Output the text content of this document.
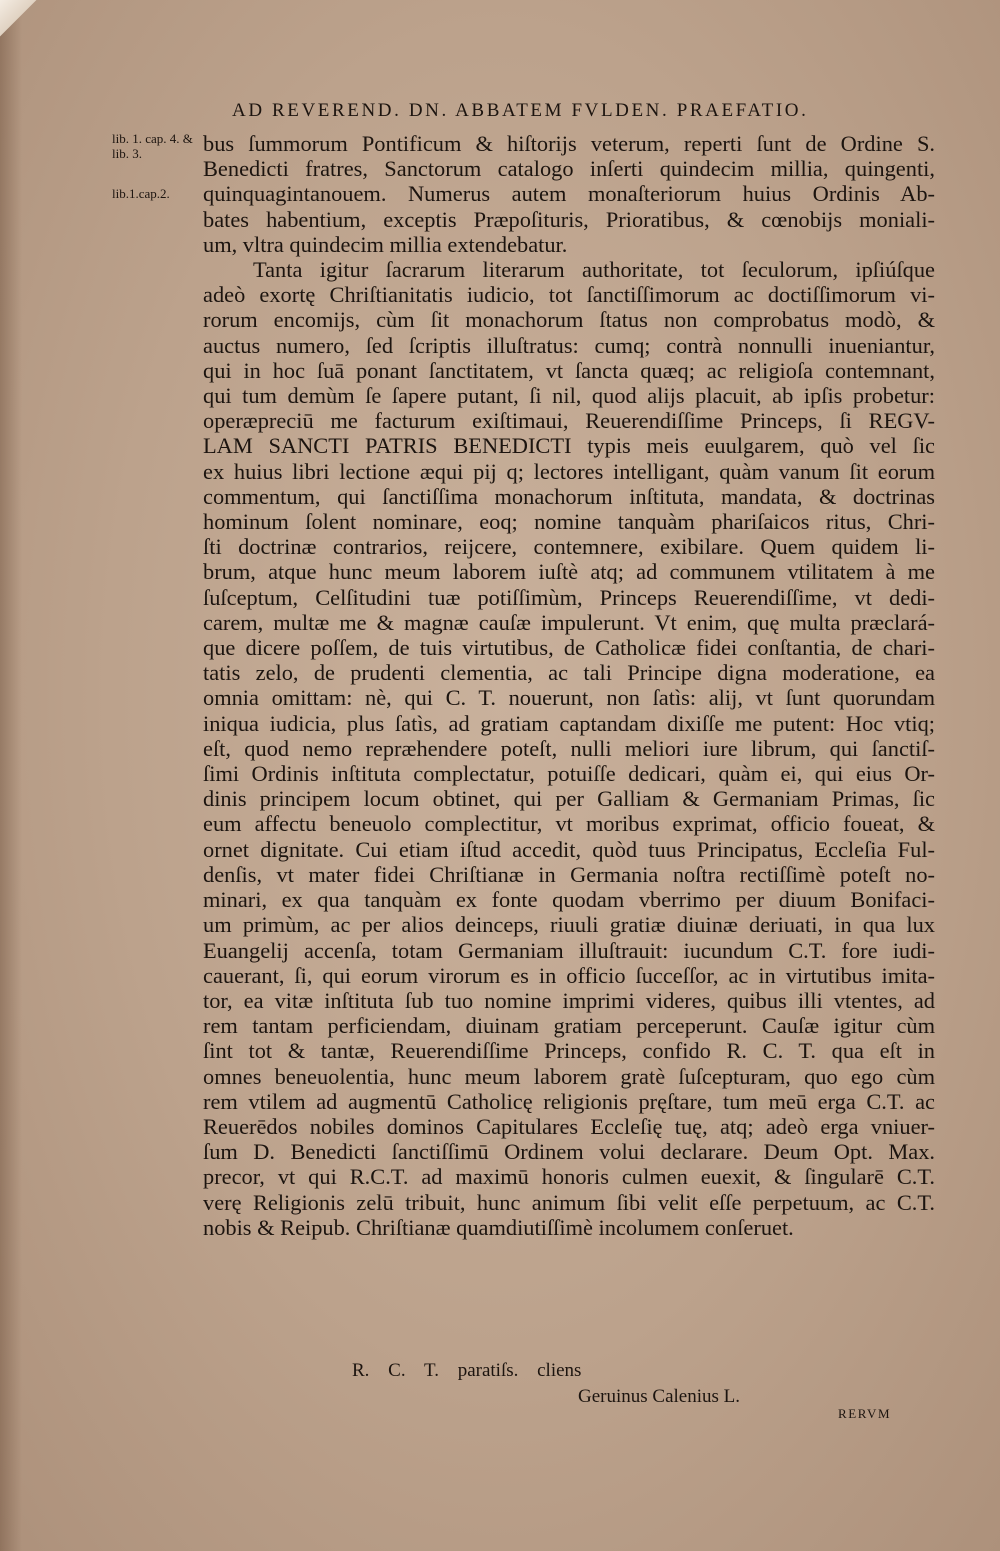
AD REVEREND. DN. ABBATEM FVLDEN. PRAEFATIO.
lib. 1. cap. 4. & lib. 3.
lib.1.cap.2.
bus ſummorum Pontificum & hiſtorijs veterum, reperti ſunt de Ordine S.
Benedicti fratres, Sanctorum catalogo inſerti quindecim millia, quingenti,
quinquagintanouem. Numerus autem monaſteriorum huius Ordinis Ab-
bates habentium, exceptis Præpoſituris, Prioratibus, & cœnobijs moniali-
um, vltra quindecim millia extendebatur.
Tanta igitur ſacrarum literarum authoritate, tot ſeculorum, ipſiúſque
adeò exortę Chriſtianitatis iudicio, tot ſanctiſſimorum ac doctiſſimorum vi-
rorum encomijs, cùm ſit monachorum ſtatus non comprobatus modò, &
auctus numero, ſed ſcriptis illuſtratus: cumq; contrà nonnulli inueniantur,
qui in hoc ſuā ponant ſanctitatem, vt ſancta quæq; ac religioſa contemnant,
qui tum demùm ſe ſapere putant, ſi nil, quod alijs placuit, ab ipſis probetur:
operæpreciū me facturum exiſtimaui, Reuerendiſſime Princeps, ſi REGV-
LAM SANCTI PATRIS BENEDICTI typis meis euulgarem, quò vel ſic
ex huius libri lectione æqui pij q; lectores intelligant, quàm vanum ſit eorum
commentum, qui ſanctiſſima monachorum inſtituta, mandata, & doctrinas
hominum ſolent nominare, eoq; nomine tanquàm phariſaicos ritus, Chri-
ſti doctrinæ contrarios, reijcere, contemnere, exibilare. Quem quidem li-
brum, atque hunc meum laborem iuſtè atq; ad communem vtilitatem à me
ſuſceptum, Celſitudini tuæ potiſſimùm, Princeps Reuerendiſſime, vt dedi-
carem, multæ me & magnæ cauſæ impulerunt. Vt enim, quę multa præclará-
que dicere poſſem, de tuis virtutibus, de Catholicæ fidei conſtantia, de chari-
tatis zelo, de prudenti clementia, ac tali Principe digna moderatione, ea
omnia omittam: nè, qui C. T. nouerunt, non ſatìs: alij, vt ſunt quorundam
iniqua iudicia, plus ſatìs, ad gratiam captandam dixiſſe me putent: Hoc vtiq;
eſt, quod nemo repræhendere poteſt, nulli meliori iure librum, qui ſanctiſ-
ſimi Ordinis inſtituta complectatur, potuiſſe dedicari, quàm ei, qui eius Or-
dinis principem locum obtinet, qui per Galliam & Germaniam Primas, ſic
eum affectu beneuolo complectitur, vt moribus exprimat, officio foueat, &
ornet dignitate. Cui etiam iſtud accedit, quòd tuus Principatus, Eccleſia Ful-
denſis, vt mater fidei Chriſtianæ in Germania noſtra rectiſſimè poteſt no-
minari, ex qua tanquàm ex fonte quodam vberrimo per diuum Bonifaci-
um primùm, ac per alios deinceps, riuuli gratiæ diuinæ deriuati, in qua lux
Euangelij accenſa, totam Germaniam illuſtrauit: iucundum C.T. fore iudi-
cauerant, ſi, qui eorum virorum es in officio ſucceſſor, ac in virtutibus imita-
tor, ea vitæ inſtituta ſub tuo nomine imprimi videres, quibus illi vtentes, ad
rem tantam perficiendam, diuinam gratiam perceperunt. Cauſæ igitur cùm
ſint tot & tantæ, Reuerendiſſime Princeps, confido R. C. T. qua eſt in
omnes beneuolentia, hunc meum laborem gratè ſuſcepturam, quo ego cùm
rem vtilem ad augmentū Catholicę religionis pręſtare, tum meū erga C.T. ac
Reuerēdos nobiles dominos Capitulares Eccleſię tuę, atq; adeò erga vniuer-
ſum D. Benedicti ſanctiſſimū Ordinem volui declarare. Deum Opt. Max.
precor, vt qui R.C.T. ad maximū honoris culmen euexit, & ſingularē C.T.
verę Religionis zelū tribuit, hunc animum ſibi velit eſſe perpetuum, ac C.T.
nobis & Reipub. Chriſtianæ quamdiutiſſimè incolumem conſeruet.
R. C. T. paratiſs. cliens
Geruinus Calenius L.
RERVM
